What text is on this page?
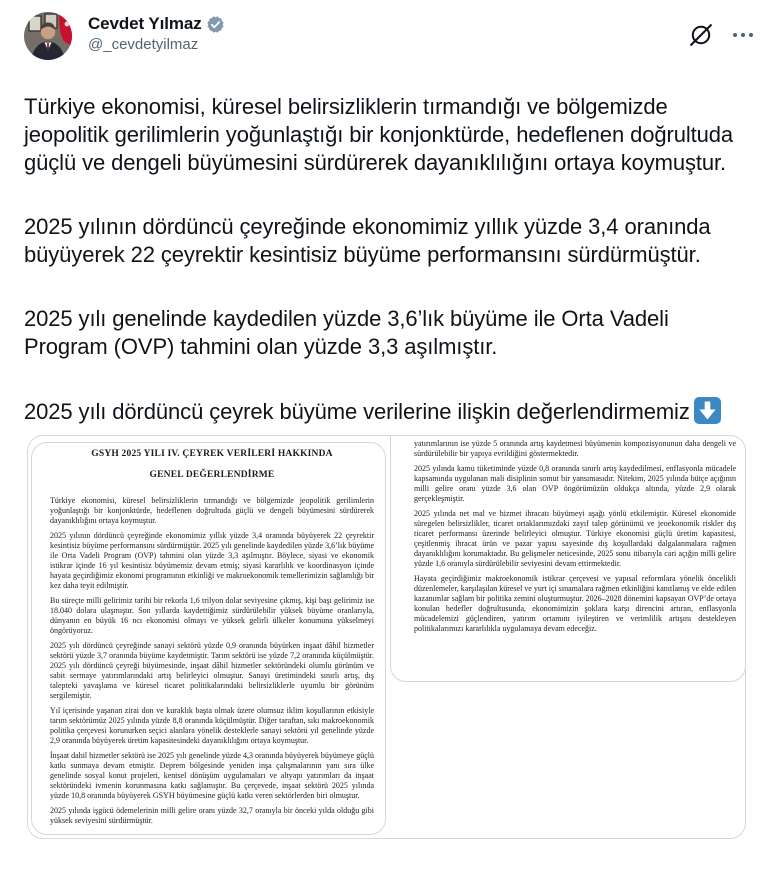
Cevdet Yılmaz
@_cevdetyilmaz

Türkiye ekonomisi, küresel belirsizliklerin tırmandığı ve bölgemizde jeopolitik gerilimlerin yoğunlaştığı bir konjonktürde, hedeflenen doğrultuda güçlü ve dengeli büyümesini sürdürerek dayanıklılığını ortaya koymuştur.

2025 yılının dördüncü çeyreğinde ekonomimiz yıllık yüzde 3,4 oranında büyüyerek 22 çeyrektir kesintisiz büyüme performansını sürdürmüştür.

2025 yılı genelinde kaydedilen yüzde 3,6’lık büyüme ile Orta Vadeli Program (OVP) tahmini olan yüzde 3,3 aşılmıştır.

2025 yılı dördüncü çeyrek büyüme verilerine ilişkin değerlendirmemiz

GSYH 2025 YILI IV. ÇEYREK VERİLERİ HAKKINDA
GENEL DEĞERLENDİRME

Türkiye ekonomisi, küresel belirsizliklerin tırmandığı ve bölgemizde jeopolitik gerilimlerin yoğunlaştığı bir konjonktürde, hedeflenen doğrultuda güçlü ve dengeli büyümesini sürdürerek dayanıklılığını ortaya koymuştur.

2025 yılının dördüncü çeyreğinde ekonomimiz yıllık yüzde 3,4 oranında büyüyerek 22 çeyrektir kesintisiz büyüme performansını sürdürmüştür. 2025 yılı genelinde kaydedilen yüzde 3,6’lık büyüme ile Orta Vadeli Program (OVP) tahmini olan yüzde 3,3 aşılmıştır. Böylece, siyasi ve ekonomik istikrar içinde 16 yıl kesintisiz büyümemiz devam etmiş; siyasi kararlılık ve koordinasyon içinde hayata geçirdiğimiz ekonomi programının etkinliği ve makroekonomik temellerimizin sağlamlığı bir kez daha teyit edilmiştir.

Bu süreçte milli gelirimiz tarihi bir rekorla 1,6 trilyon dolar seviyesine çıkmış, kişi başı gelirimiz ise 18.040 dolara ulaşmıştır. Son yıllarda kaydettiğimiz sürdürülebilir yüksek büyüme oranlarıyla, dünyanın en büyük 16 ncı ekonomisi olmayı ve yüksek gelirli ülkeler konumuna yükselmeyi öngörüyoruz.

2025 yılı dördüncü çeyreğinde sanayi sektörü yüzde 0,9 oranında büyürken inşaat dâhil hizmetler sektörü yüzde 3,7 oranında büyüme kaydetmiştir. Tarım sektörü ise yüzde 7,2 oranında küçülmüştür. 2025 yılı dördüncü çeyreği büyümesinde, inşaat dâhil hizmetler sektöründeki olumlu görünüm ve sabit sermaye yatırımlarındaki artış belirleyici olmuştur. Sanayi üretimindeki sınırlı artış, dış talepteki yavaşlama ve küresel ticaret politikalarındaki belirsizliklerle uyumlu bir görünüm sergilemiştir.

Yıl içerisinde yaşanan zirai don ve kuraklık başta olmak üzere olumsuz iklim koşullarının etkisiyle tarım sektörümüz 2025 yılında yüzde 8,8 oranında küçülmüştür. Diğer taraftan, sıkı makroekonomik politika çerçevesi korunurken seçici alanlara yönelik desteklerle sanayi sektörü yıl genelinde yüzde 2,9 oranında büyüyerek üretim kapasitesindeki dayanıklılığını ortaya koymuştur.

İnşaat dahil hizmetler sektörü ise 2025 yılı genelinde yüzde 4,3 oranında büyüyerek büyümeye güçlü katkı sunmaya devam etmiştir. Deprem bölgesinde yeniden inşa çalışmalarının yanı sıra ülke genelinde sosyal konut projeleri, kentsel dönüşüm uygulamaları ve altyapı yatırımları da inşaat sektöründeki ivmenin korunmasına katkı sağlamıştır. Bu çerçevede, inşaat sektörü 2025 yılında yüzde 10,8 oranında büyüyerek GSYH büyümesine güçlü katkı veren sektörlerden biri olmuştur.

2025 yılında işgücü ödemelerinin milli gelire oranı yüzde 32,7 oranıyla bir önceki yılda olduğu gibi yüksek seviyesini sürdürmüştür.

yatırımlarının ise yüzde 5 oranında artış kaydetmesi büyümenin kompozisyonunun daha dengeli ve sürdürülebilir bir yapıya evrildiğini göstermektedir.

2025 yılında kamu tüketiminde yüzde 0,8 oranında sınırlı artış kaydedilmesi, enflasyonla mücadele kapsamında uygulanan mali disiplinin somut bir yansımasıdır. Nitekim, 2025 yılında bütçe açığının milli gelire oranı yüzde 3,6 olan OVP öngörümüzün oldukça altında, yüzde 2,9 olarak gerçekleşmiştir.

2025 yılında net mal ve hizmet ihracatı büyümeyi aşağı yönlü etkilemiştir. Küresel ekonomide süregelen belirsizlikler, ticaret ortaklarımızdaki zayıf talep görünümü ve jeoekonomik riskler dış ticaret performansı üzerinde belirleyici olmuştur. Türkiye ekonomisi güçlü üretim kapasitesi, çeşitlenmiş ihracat ürün ve pazar yapısı sayesinde dış koşullardaki dalgalanmalara rağmen dayanıklılığını korumaktadır. Bu gelişmeler neticesinde, 2025 sonu itibarıyla cari açığın milli gelire yüzde 1,6 oranıyla sürdürülebilir seviyesini devam ettirmektedir.

Hayata geçirdiğimiz makroekonomik istikrar çerçevesi ve yapısal reformlara yönelik öncelikli düzenlemeler, karşılaşılan küresel ve yurt içi sınamalara rağmen etkinliğini kanıtlamış ve elde edilen kazanımlar sağlam bir politika zemini oluşturmuştur. 2026–2028 dönemini kapsayan OVP’de ortaya konulan hedefler doğrultusunda, ekonomimizin şoklara karşı direncini artıran, enflasyonla mücadelemizi güçlendiren, yatırım ortamını iyileştiren ve verimlilik artışını destekleyen politikalarımızı kararlılıkla uygulamaya devam edeceğiz.
